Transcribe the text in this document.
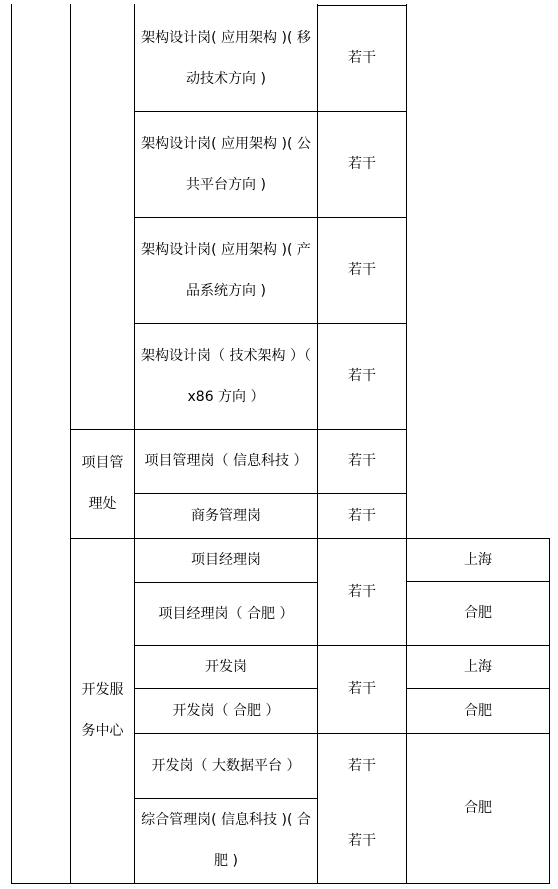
项目管理处
开发服务中心
架构设计岗( 应用架构 )( 移动技术方向 )
架构设计岗( 应用架构 )( 公共平台方向 )
架构设计岗( 应用架构 )( 产品系统方向 )
架构设计岗（ 技术架构 ）（ x86 方向 ）
项目管理岗（ 信息科技 ）
商务管理岗
项目经理岗
项目经理岗（ 合肥 ）
开发岗
开发岗（ 合肥 ）
开发岗（ 大数据平台 ）
综合管理岗( 信息科技 )( 合肥 )
若干
若干
若干
若干
若干
若干
若干
若干
若干
若干
上海
合肥
上海
合肥
合肥
